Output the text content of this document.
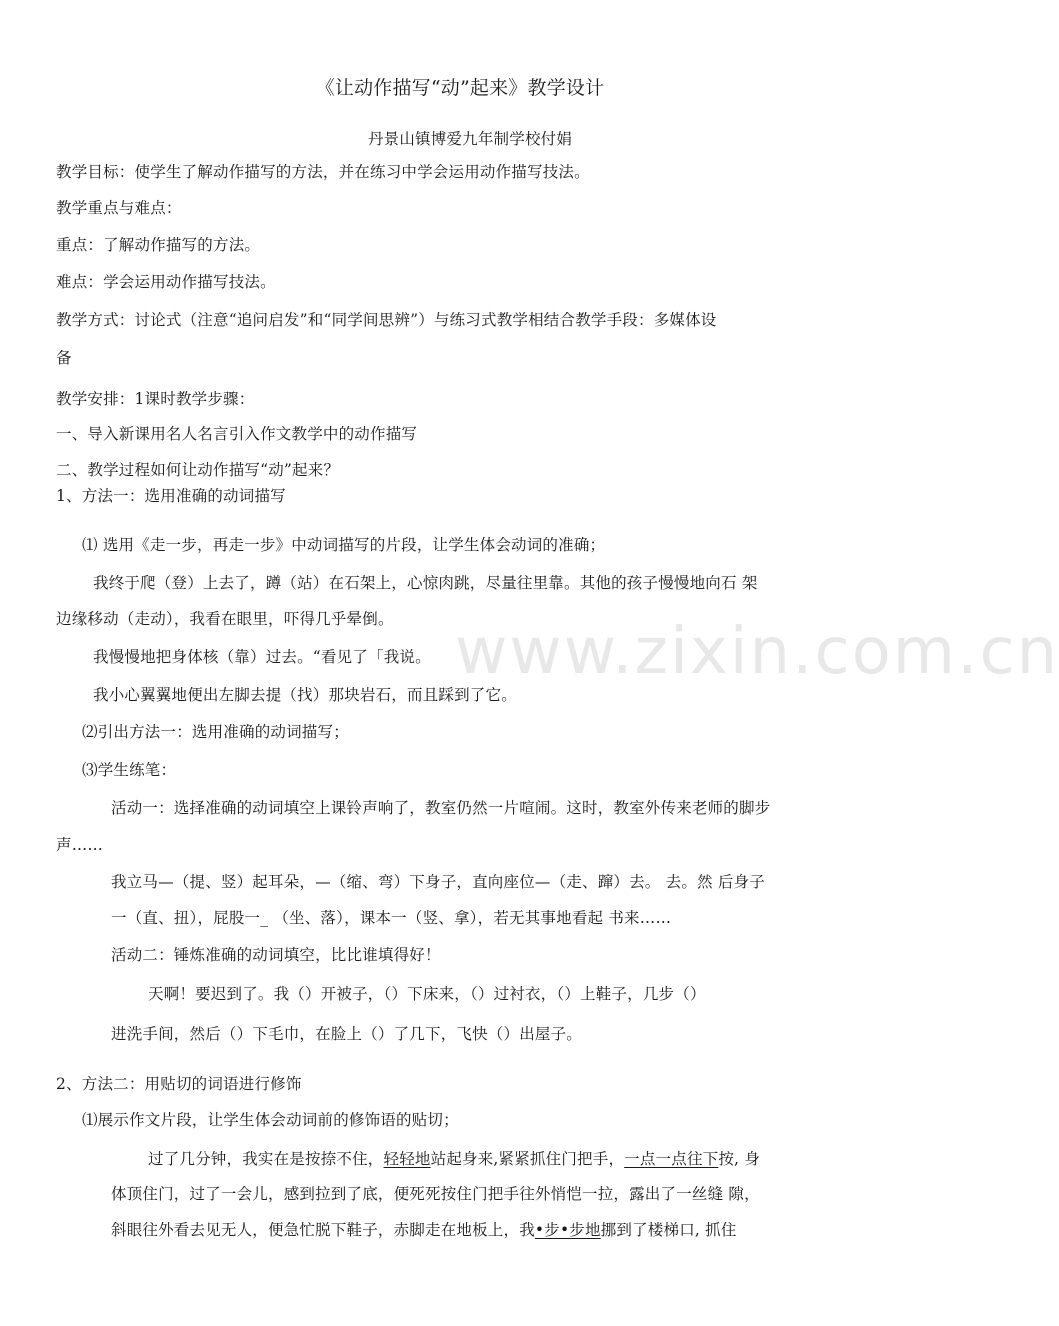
www.zixin.com.cn
《让动作描写“动”起来》教学设计
丹景山镇博爱九年制学校付娟
教学目标：使学生了解动作描写的方法，并在练习中学会运用动作描写技法。
教学重点与难点：
重点：了解动作描写的方法。
难点：学会运用动作描写技法。
教学方式：讨论式（注意“追问启发”和“同学间思辨”）与练习式教学相结合教学手段：多媒体设
备
教学安排：1课时教学步骤：
一、导入新课用名人名言引入作文教学中的动作描写
二、教学过程如何让动作描写“动”起来？
1、方法一：选用准确的动词描写
⑴ 选用《走一步，再走一步》中动词描写的片段，让学生体会动词的准确；
我终于爬（登）上去了，蹲（站）在石架上，心惊肉跳，尽量往里靠。其他的孩子慢慢地向石 架
边缘移动（走动），我看在眼里，吓得几乎晕倒。
我慢慢地把身体核（靠）过去。“看见了「我说。
我小心翼翼地便出左脚去提（找）那块岩石，而且踩到了它。
⑵引出方法一：选用准确的动词描写；
⑶学生练笔：
活动一：选择准确的动词填空上课铃声响了，教室仍然一片喧闹。这时，教室外传来老师的脚步
声……
我立马—（提、竖）起耳朵，—（缩、弯）下身子，直向座位—（走、蹿）去。 去。然 后身子
一（直、扭），屁股一_ （坐、落），课本一（竖、拿），若无其事地看起 书来……
活动二：锤炼准确的动词填空，比比谁填得好！
天啊！要迟到了。我（）开被子，（）下床来，（）过衬衣，（）上鞋子，几步（）
进洗手间，然后（）下毛巾，在脸上（）了几下，飞快（）出屋子。
2、方法二：用贴切的词语进行修饰
⑴展示作文片段，让学生体会动词前的修饰语的贴切；
过了几分钟，我实在是按捺不住，轻轻地站起身来,紧紧抓住门把手，一点一点往下按, 身
体顶住门，过了一会儿，感到拉到了底，便死死按住门把手往外悄恺一拉，露出了一丝缝 隙，
斜眼往外看去见无人，便急忙脱下鞋子，赤脚走在地板上，我•步•步地挪到了楼梯口, 抓住
